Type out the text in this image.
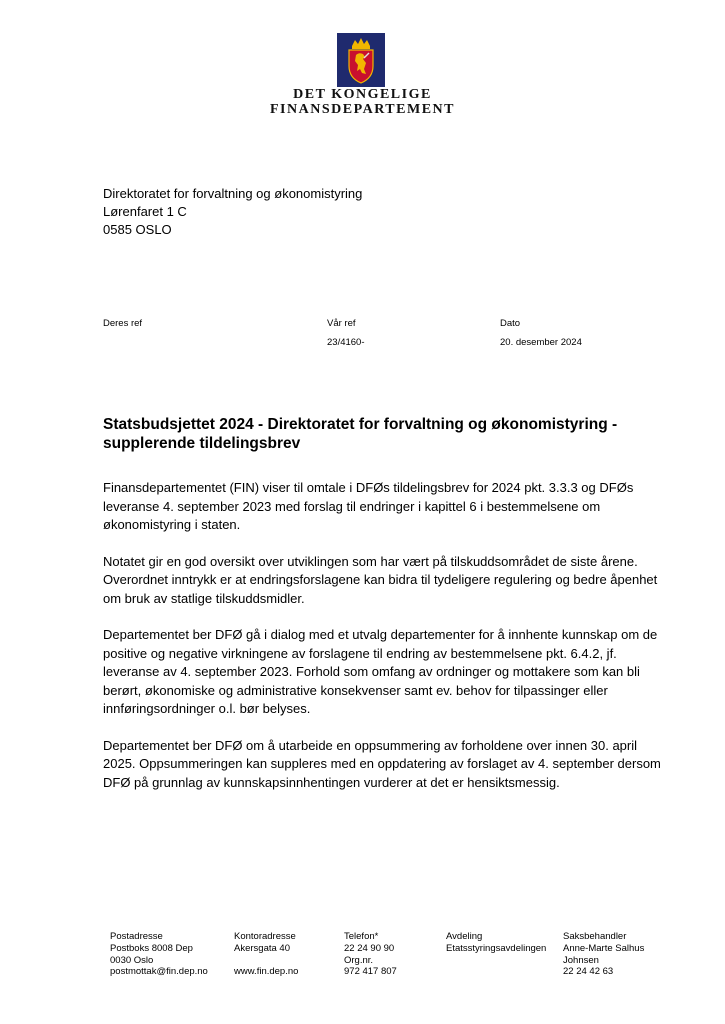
DET KONGELIGE
FINANSDEPARTEMENT
Direktoratet for forvaltning og økonomistyring
Lørenfaret 1 C
0585 OSLO
Deres ref	Vår ref
23/4160-
Dato
20. desember 2024
Statsbudsjettet 2024 - Direktoratet for forvaltning og økonomistyring - supplerende tildelingsbrev

Finansdepartementet (FIN) viser til omtale i DFØs tildelingsbrev for 2024 pkt. 3.3.3 og DFØs leveranse 4. september 2023 med forslag til endringer i kapittel 6 i bestemmelsene om økonomistyring i staten.

Notatet gir en god oversikt over utviklingen som har vært på tilskuddsområdet de siste årene. Overordnet inntrykk er at endringsforslagene kan bidra til tydeligere regulering og bedre åpenhet om bruk av statlige tilskuddsmidler.

Departementet ber DFØ gå i dialog med et utvalg departementer for å innhente kunnskap om de positive og negative virkningene av forslagene til endring av bestemmelsene pkt. 6.4.2, jf. leveranse av 4. september 2023. Forhold som omfang av ordninger og mottakere som kan bli berørt, økonomiske og administrative konsekvenser samt ev. behov for tilpassinger eller innføringsordninger o.l. bør belyses.

Departementet ber DFØ om å utarbeide en oppsummering av forholdene over innen 30. april 2025. Oppsummeringen kan suppleres med en oppdatering av forslaget av 4. september dersom DFØ på grunnlag av kunnskapsinnhentingen vurderer at det er hensiktsmessig.

Postadresse
Postboks 8008 Dep
0030 Oslo
postmottak@fin.dep.no
Kontoradresse
Akersgata 40

www.fin.dep.no
Telefon*
22 24 90 90
Org.nr.
972 417 807
Avdeling
Etatsstyringsavdelingen
Saksbehandler
Anne-Marte Salhus
Johnsen
22 24 42 63
